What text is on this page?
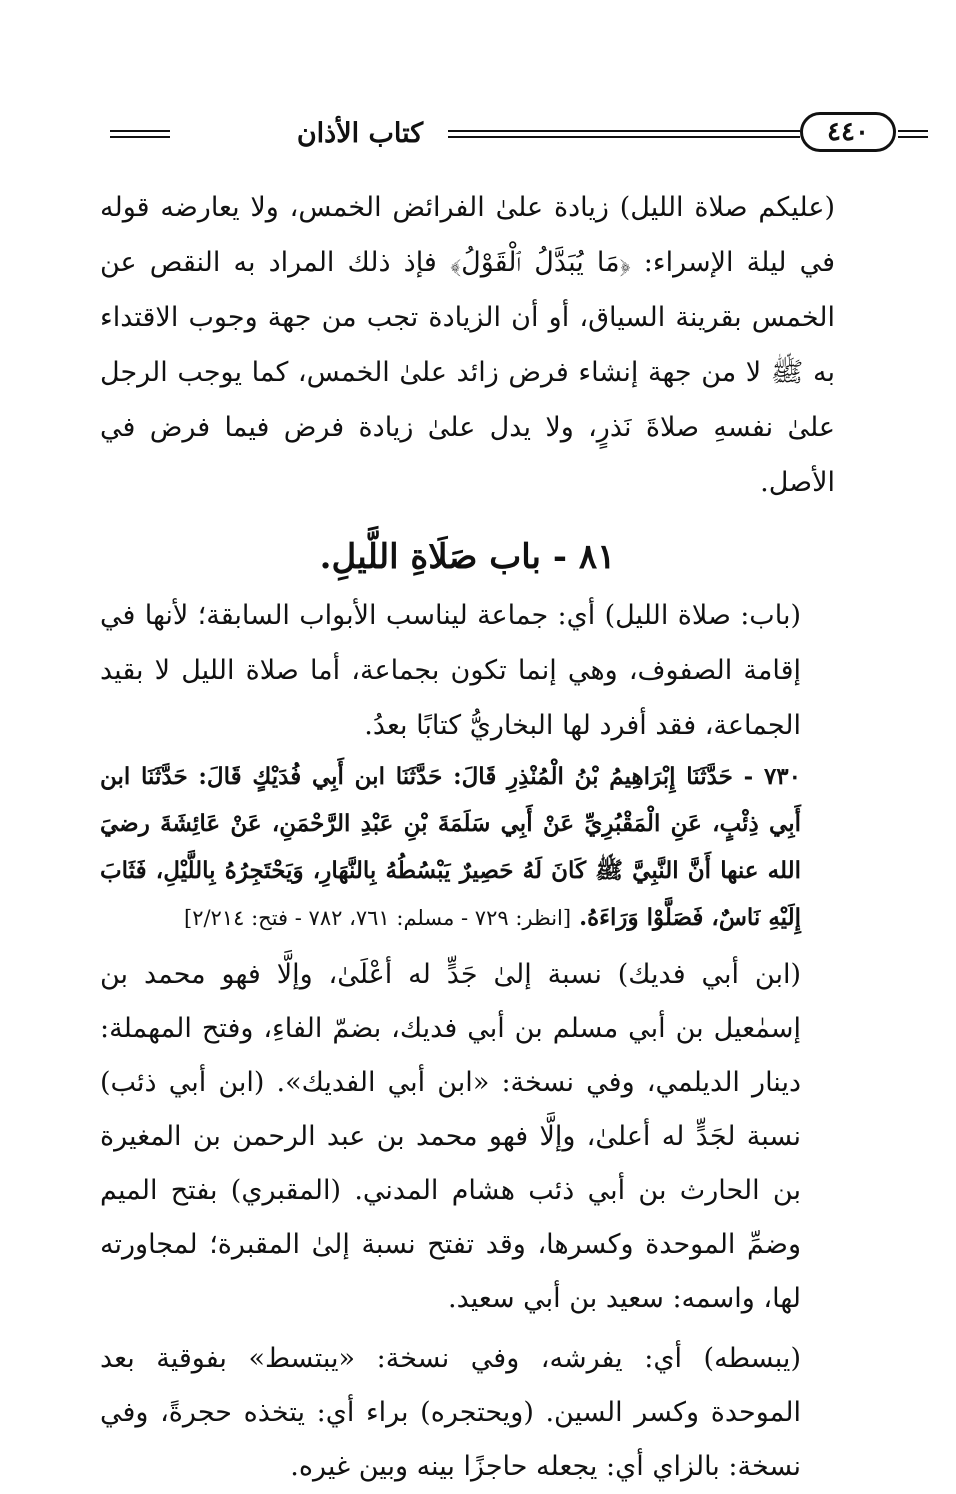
كتاب الأذان	٤٤٠

(عليكم صلاة الليل) زيادة علىٰ الفرائض الخمس، ولا يعارضه قوله في ليلة الإسراء: ﴿مَا يُبَدَّلُ ٱلْقَوْلُ﴾ فإذ ذلك المراد به النقص عن الخمس بقرينة السياق، أو أن الزيادة تجب من جهة وجوب الاقتداء به ﷺ لا من جهة إنشاء فرض زائد علىٰ الخمس، كما يوجب الرجل علىٰ نفسهِ صلاةَ نَذرٍ، ولا يدل علىٰ زيادة فرض فيما فرض في الأصل.

٨١ - باب صَلَاةِ اللَّيلِ.

(باب: صلاة الليل) أي: جماعة ليناسب الأبواب السابقة؛ لأنها في إقامة الصفوف، وهي إنما تكون بجماعة، أما صلاة الليل لا بقيد الجماعة، فقد أفرد لها البخاريُّ كتابًا بعدُ.

٧٣٠ - حَدَّثَنَا إِبْرَاهِيمُ بْنُ الْمُنْذِرِ قَالَ: حَدَّثَنَا ابن أَبِي فُدَيْكٍ قَالَ: حَدَّثَنَا ابن أَبِي ذِئْبٍ، عَنِ الْمَقْبُرِيِّ عَنْ أَبِي سَلَمَةَ بْنِ عَبْدِ الرَّحْمَنِ، عَنْ عَائِشَةَ رضيَ الله عنها أَنَّ النَّبِيَّ ﷺ كَانَ لَهُ حَصِيرٌ يَبْسُطُهُ بِالنَّهَارِ، وَيَحْتَجِرُهُ بِاللَّيْلِ، فَثَابَ إِلَيْهِ نَاسٌ، فَصَلَّوْا وَرَاءَهُ. [انظر: ٧٢٩ - مسلم: ٧٦١، ٧٨٢ - فتح: ٢/٢١٤]

(ابن أبي فديك) نسبة إلىٰ جَدٍّ له أعْلَىٰ، وإلَّا فهو محمد بن إسمٰعيل بن أبي مسلم بن أبي فديك، بضمّ الفاءِ، وفتح المهملة: دينار الديلمي، وفي نسخة: «ابن أبي الفديك». (ابن أبي ذئب) نسبة لجَدٍّ له أعلىٰ، وإلَّا فهو محمد بن عبد الرحمن بن المغيرة بن الحارث بن أبي ذئب هشام المدني. (المقبري) بفتح الميم وضمِّ الموحدة وكسرها، وقد تفتح نسبة إلىٰ المقبرة؛ لمجاورته لها، واسمه: سعيد بن أبي سعيد.

(يبسطه) أي: يفرشه، وفي نسخة: «يبتسط» بفوقية بعد الموحدة وكسر السين. (ويحتجره) براء أي: يتخذه حجرةً، وفي نسخة: بالزاي أي: يجعله حاجزًا بينه وبين غيره.
